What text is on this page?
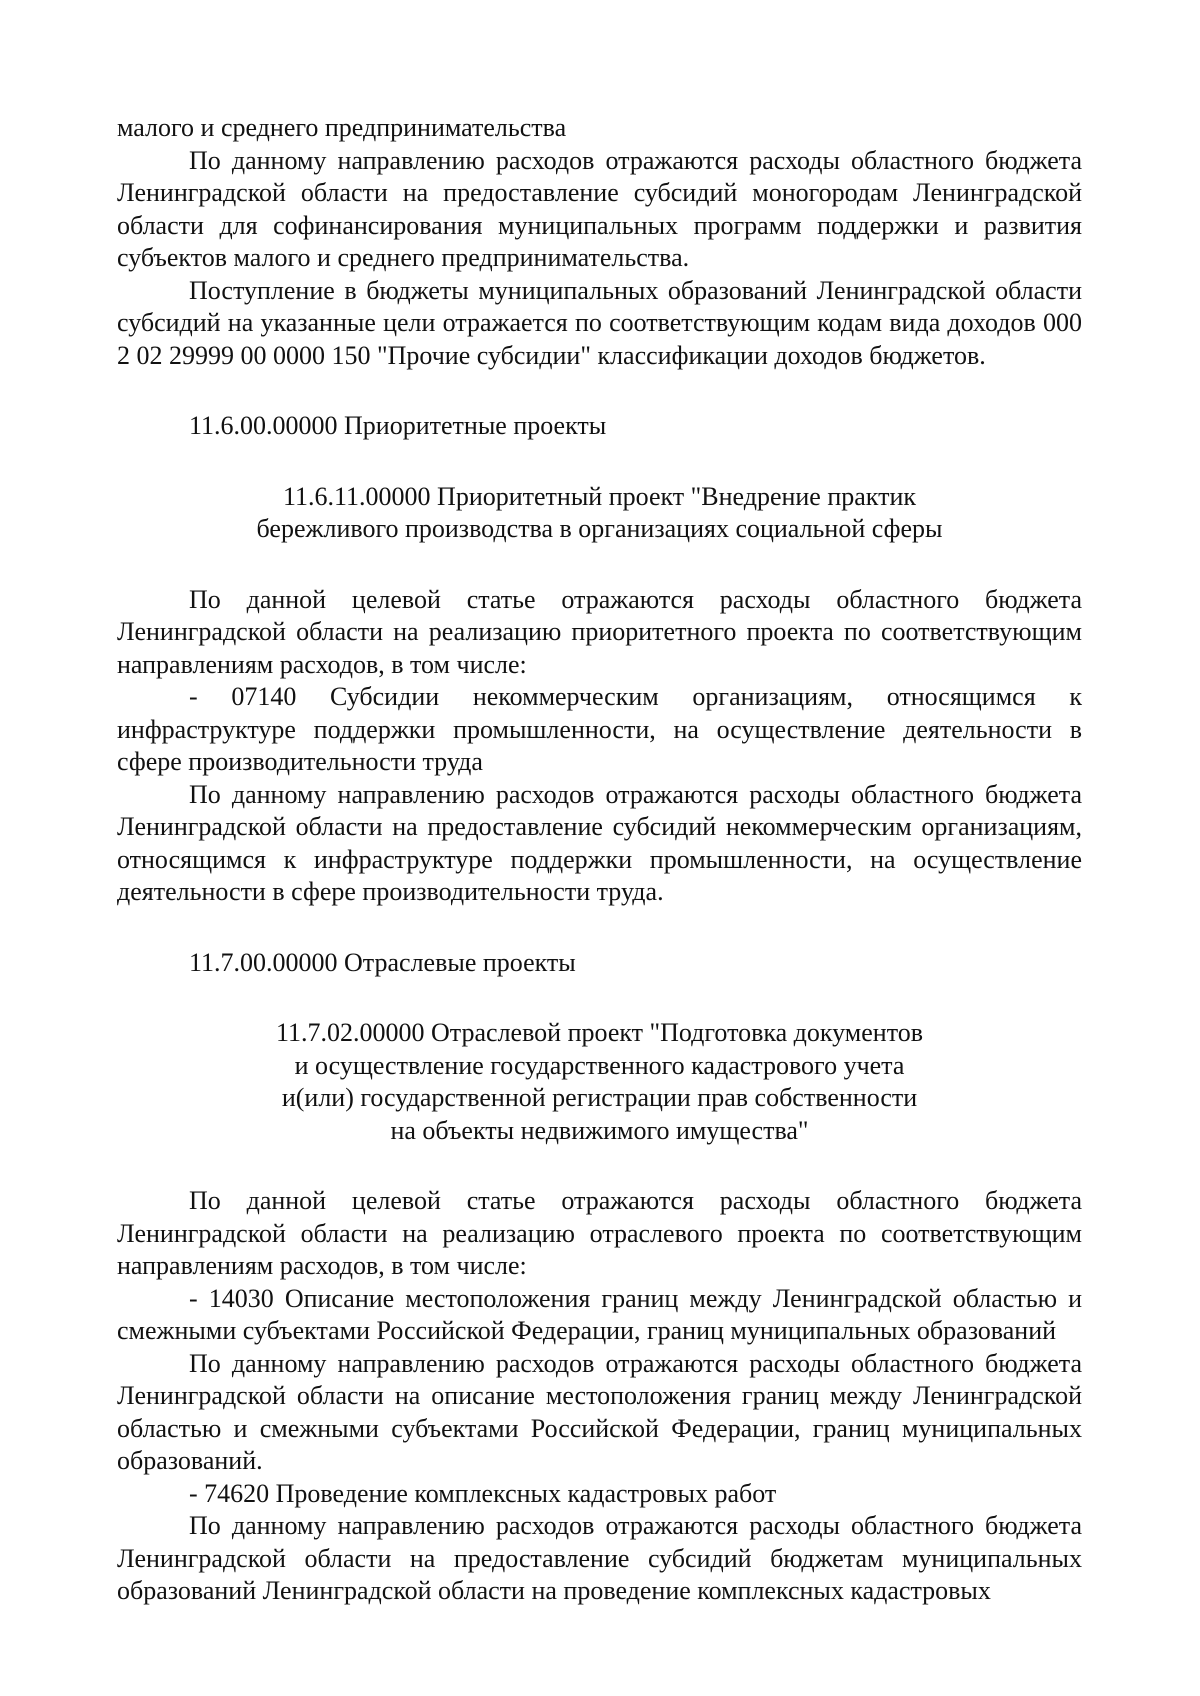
малого и среднего предпринимательства

По данному направлению расходов отражаются расходы областного бюджета Ленинградской области на предоставление субсидий моногородам Ленинградской области для софинансирования муниципальных программ поддержки и развития субъектов малого и среднего предпринимательства.

Поступление в бюджеты муниципальных образований Ленинградской области субсидий на указанные цели отражается по соответствующим кодам вида доходов 000 2 02 29999 00 0000 150 "Прочие субсидии" классификации доходов бюджетов.

11.6.00.00000 Приоритетные проекты

11.6.11.00000 Приоритетный проект "Внедрение практик
бережливого производства в организациях социальной сферы

По данной целевой статье отражаются расходы областного бюджета Ленинградской области на реализацию приоритетного проекта по соответствующим направлениям расходов, в том числе:

- 07140 Субсидии некоммерческим организациям, относящимся к инфраструктуре поддержки промышленности, на осуществление деятельности в сфере производительности труда

По данному направлению расходов отражаются расходы областного бюджета Ленинградской области на предоставление субсидий некоммерческим организациям, относящимся к инфраструктуре поддержки промышленности, на осуществление деятельности в сфере производительности труда.

11.7.00.00000 Отраслевые проекты

11.7.02.00000 Отраслевой проект "Подготовка документов
и осуществление государственного кадастрового учета
и(или) государственной регистрации прав собственности
на объекты недвижимого имущества"

По данной целевой статье отражаются расходы областного бюджета Ленинградской области на реализацию отраслевого проекта по соответствующим направлениям расходов, в том числе:

- 14030 Описание местоположения границ между Ленинградской областью и смежными субъектами Российской Федерации, границ муниципальных образований

По данному направлению расходов отражаются расходы областного бюджета Ленинградской области на описание местоположения границ между Ленинградской областью и смежными субъектами Российской Федерации, границ муниципальных образований.

- 74620 Проведение комплексных кадастровых работ

По данному направлению расходов отражаются расходы областного бюджета Ленинградской области на предоставление субсидий бюджетам муниципальных образований Ленинградской области на проведение комплексных кадастровых
